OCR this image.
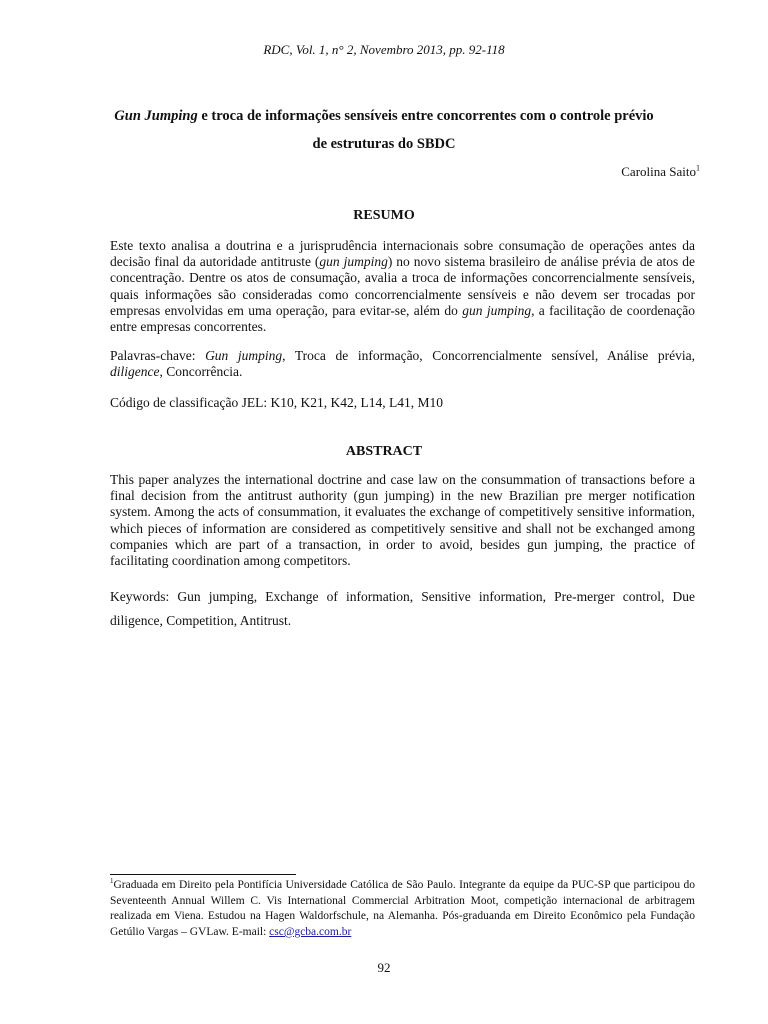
RDC, Vol. 1, n° 2, Novembro 2013, pp. 92-118
Gun Jumping e troca de informações sensíveis entre concorrentes com o controle prévio
de estruturas do SBDC
Carolina Saito$^1$
RESUMO
Este texto analisa a doutrina e a jurisprudência internacionais sobre consumação de operações antes da decisão final da autoridade antitruste (gun jumping) no novo sistema brasileiro de análise prévia de atos de concentração. Dentre os atos de consumação, avalia a troca de informações concorrencialmente sensíveis, quais informações são consideradas como concorrencialmente sensíveis e não devem ser trocadas por empresas envolvidas em uma operação, para evitar-se, além do gun jumping, a facilitação de coordenação entre empresas concorrentes.
Palavras-chave: Gun jumping, Troca de informação, Concorrencialmente sensível, Análise prévia, diligence, Concorrência.
Código de classificação JEL: K10, K21, K42, L14, L41, M10
ABSTRACT
This paper analyzes the international doctrine and case law on the consummation of transactions before a final decision from the antitrust authority (gun jumping) in the new Brazilian pre merger notification system. Among the acts of consummation, it evaluates the exchange of competitively sensitive information, which pieces of information are considered as competitively sensitive and shall not be exchanged among companies which are part of a transaction, in order to avoid, besides gun jumping, the practice of facilitating coordination among competitors.
Keywords: Gun jumping, Exchange of information, Sensitive information, Pre-merger control, Due diligence, Competition, Antitrust.
$^1$Graduada em Direito pela Pontifícia Universidade Católica de São Paulo. Integrante da equipe da PUC-SP que participou do Seventeenth Annual Willem C. Vis International Commercial Arbitration Moot, competição internacional de arbitragem realizada em Viena. Estudou na Hagen Waldorfschule, na Alemanha. Pós-graduanda em Direito Econômico pela Fundação Getúlio Vargas – GVLaw. E-mail: csc@gcba.com.br
92
